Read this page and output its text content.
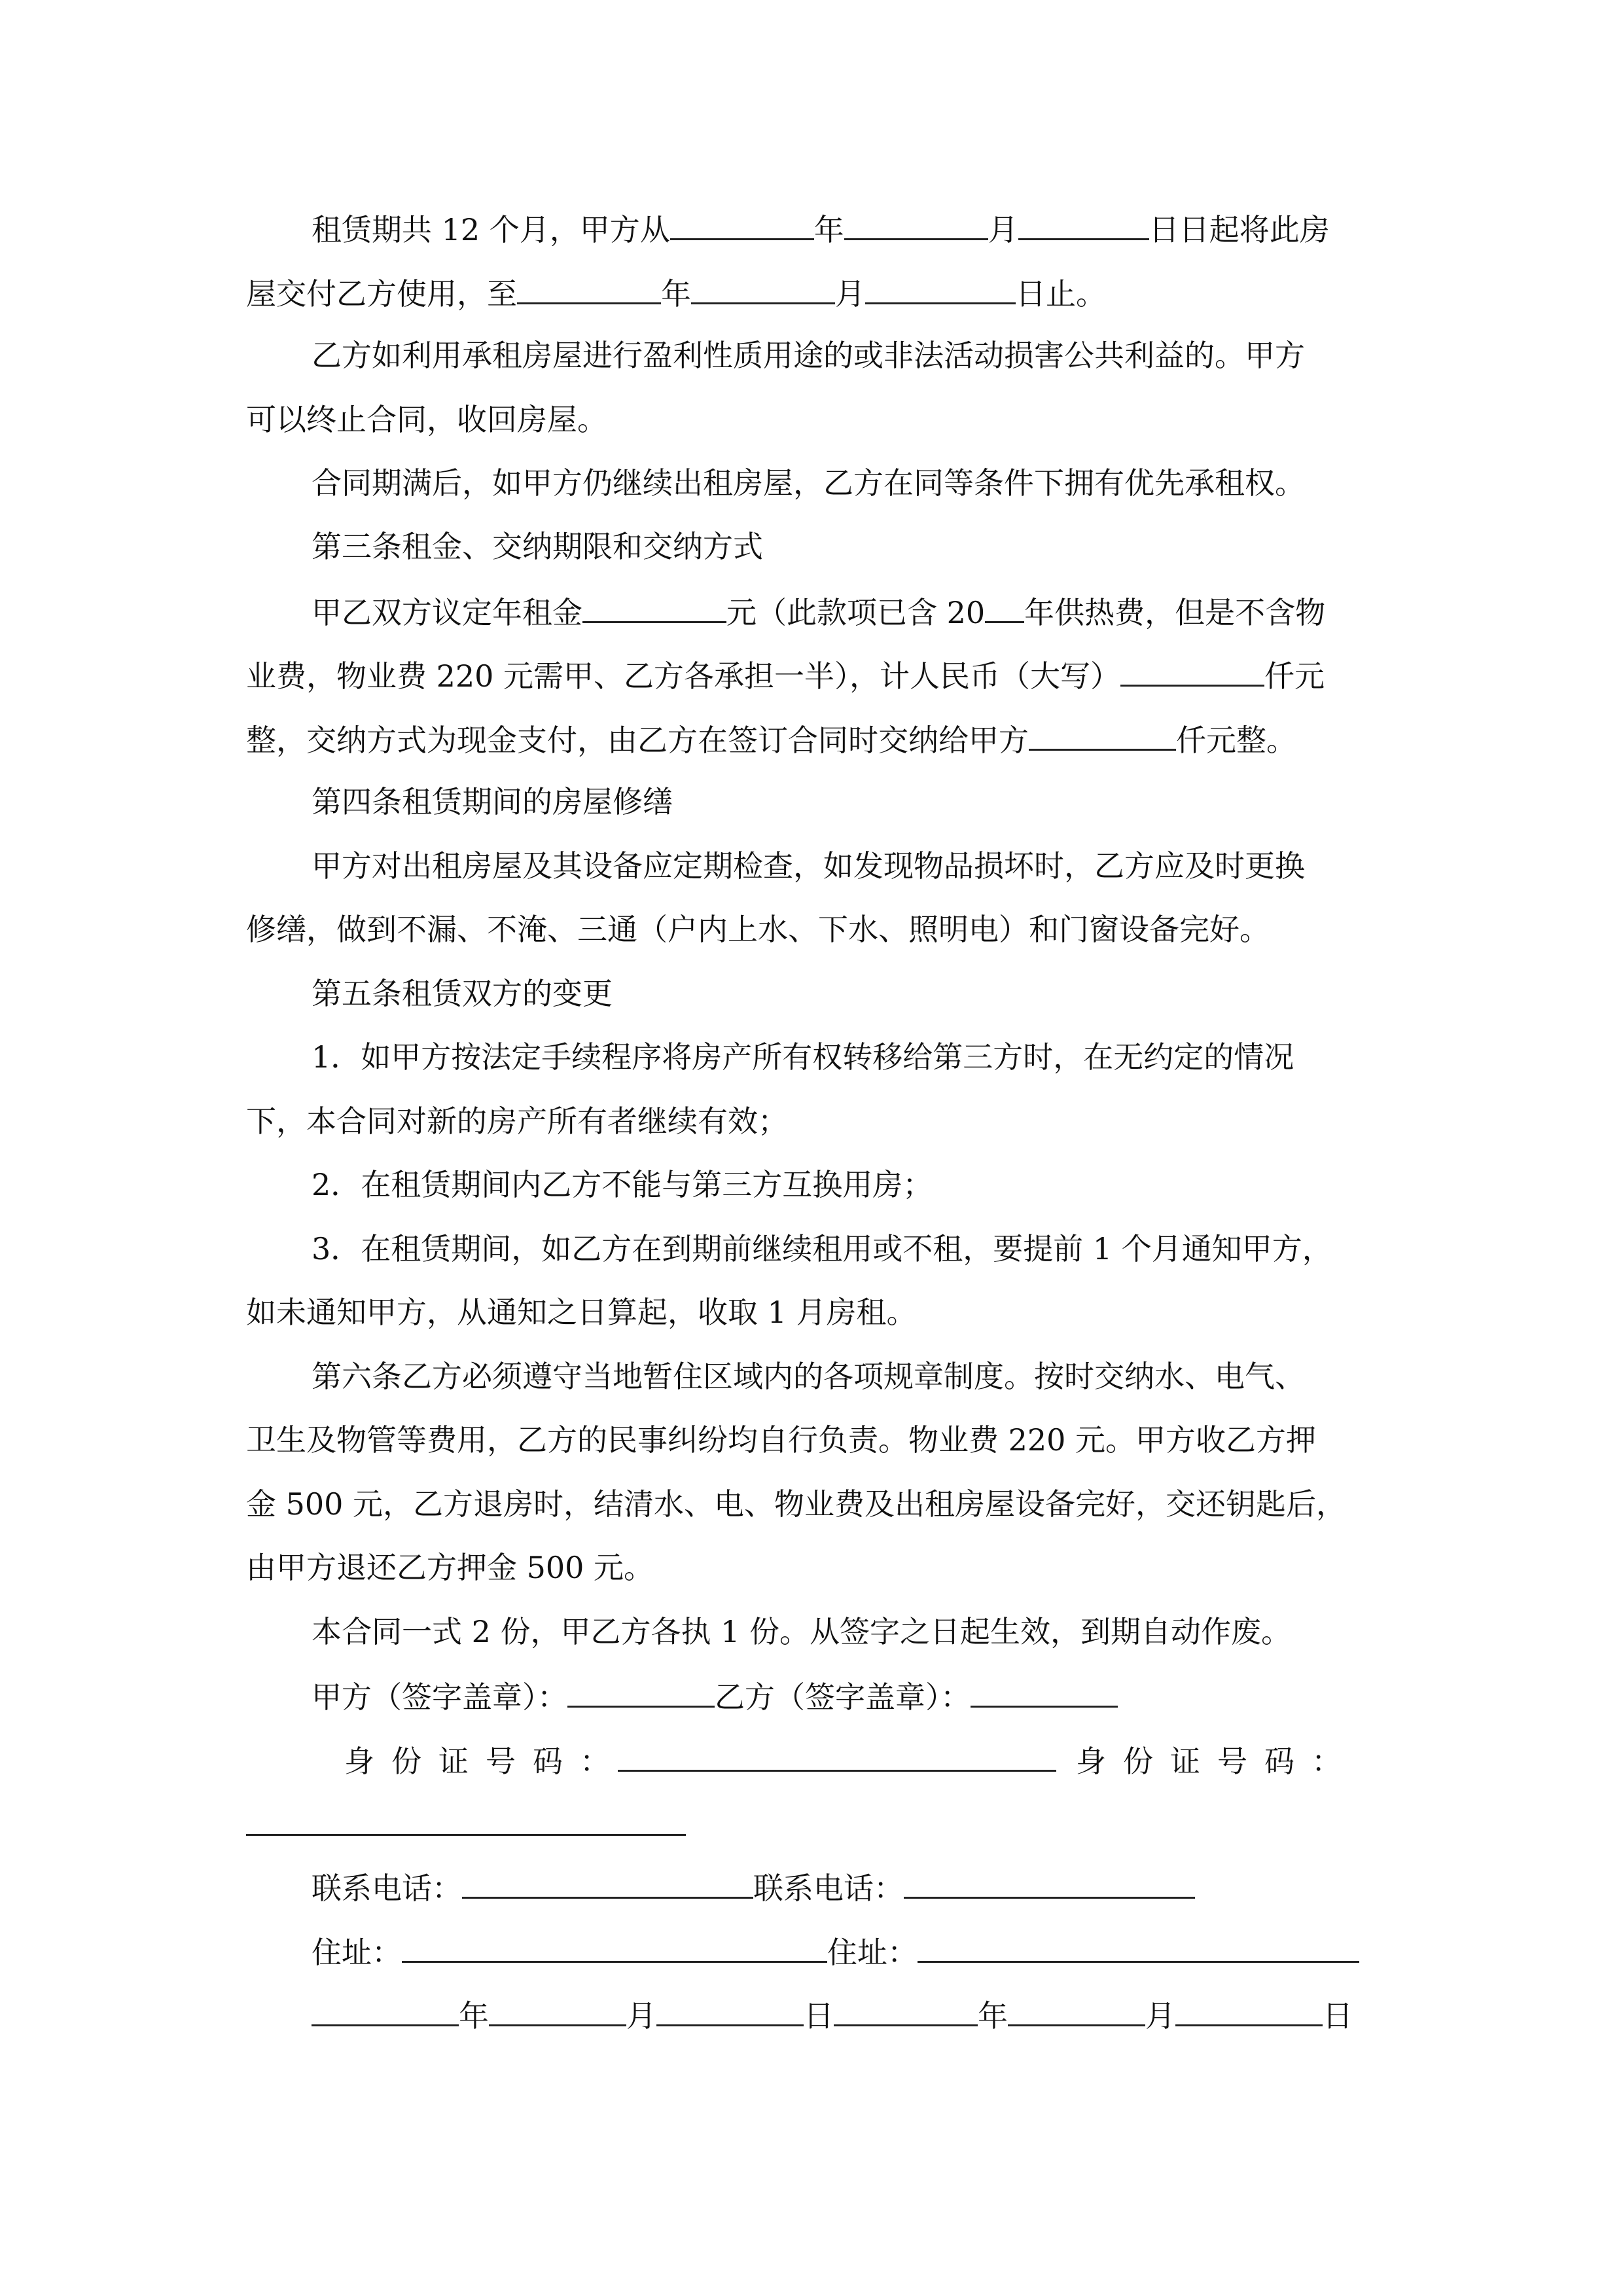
租赁期共 12 个月，甲方从	年	月	日日起将此房
屋交付乙方使用，至	年	月	日止。
乙方如利用承租房屋进行盈利性质用途的或非法活动损害公共利益的。甲方
可以终止合同，收回房屋。
合同期满后，如甲方仍继续出租房屋，乙方在同等条件下拥有优先承租权。
第三条租金、交纳期限和交纳方式
甲乙双方议定年租金	元（此款项已含 20 年供热费，但是不含物
业费，物业费 220 元需甲、乙方各承担一半），计人民币（大写）	仟元
整，交纳方式为现金支付，由乙方在签订合同时交纳给甲方	仟元整。
第四条租赁期间的房屋修缮
甲方对出租房屋及其设备应定期检查，如发现物品损坏时，乙方应及时更换
修缮，做到不漏、不淹、三通（户内上水、下水、照明电）和门窗设备完好。
第五条租赁双方的变更
1．如甲方按法定手续程序将房产所有权转移给第三方时，在无约定的情况
下，本合同对新的房产所有者继续有效；
2．在租赁期间内乙方不能与第三方互换用房；
3．在租赁期间，如乙方在到期前继续租用或不租，要提前 1 个月通知甲方，
如未通知甲方，从通知之日算起，收取 1 月房租。
第六条乙方必须遵守当地暂住区域内的各项规章制度。按时交纳水、电气、
卫生及物管等费用，乙方的民事纠纷均自行负责。物业费 220 元。甲方收乙方押
金 500 元，乙方退房时，结清水、电、物业费及出租房屋设备完好，交还钥匙后，
由甲方退还乙方押金 500 元。
本合同一式 2 份，甲乙方各执 1 份。从签字之日起生效，到期自动作废。
甲方（签字盖章）：	乙方（签字盖章）：
身份证号码：	身份证号码：
联系电话：	联系电话：
住址：	住址：
年	月	日	年	月	日
